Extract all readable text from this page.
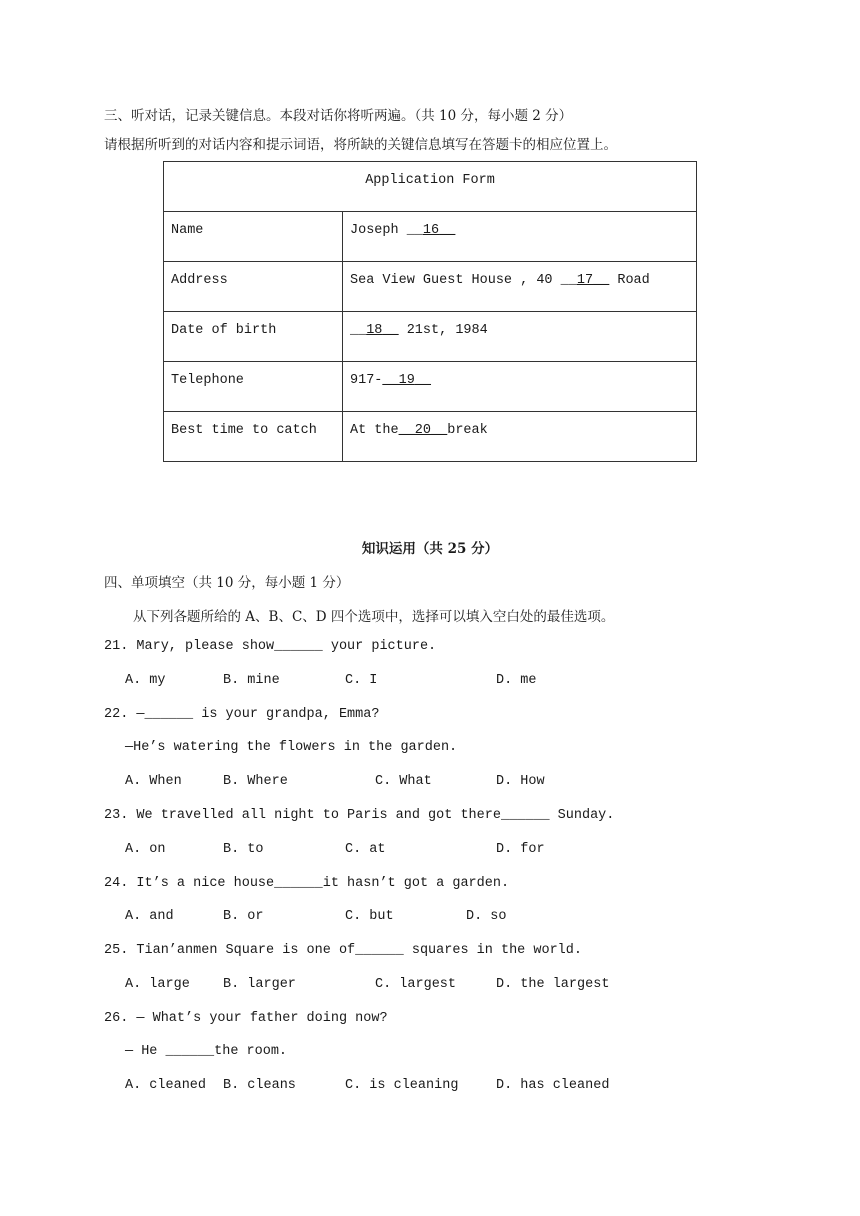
三、听对话，记录关键信息。本段对话你将听两遍。（共 10 分，每小题 2 分）
请根据所听到的对话内容和提示词语，将所缺的关键信息填写在答题卡的相应位置上。
Application Form	
Name	Joseph __16__
Address	Sea View Guest House , 40 __17__ Road
Date of birth	__18__ 21st, 1984
Telephone	917-__19__
Best time to catch	At the__20__break
知识运用（共 25 分）
四、单项填空（共 10 分，每小题 1 分）
从下列各题所给的 A、B、C、D 四个选项中，选择可以填入空白处的最佳选项。
21. Mary, please show______ your picture.
A. my	B. mine	C. I	D. me
22. —______ is your grandpa, Emma?
—He’s watering the flowers in the garden.
A. When	B. Where	C. What	D. How
23. We travelled all night to Paris and got there______ Sunday.
A. on	B. to	C. at	D. for
24. It’s a nice house______it hasn’t got a garden.
A. and	B. or	C. but	D. so
25. Tian’anmen Square is one of______ squares in the world.
A. large B. larger	C. largest	D. the largest
26. — What’s your father doing now?
— He ______the room.
A. cleaned B. cleans	C. is cleaning	D. has cleaned
